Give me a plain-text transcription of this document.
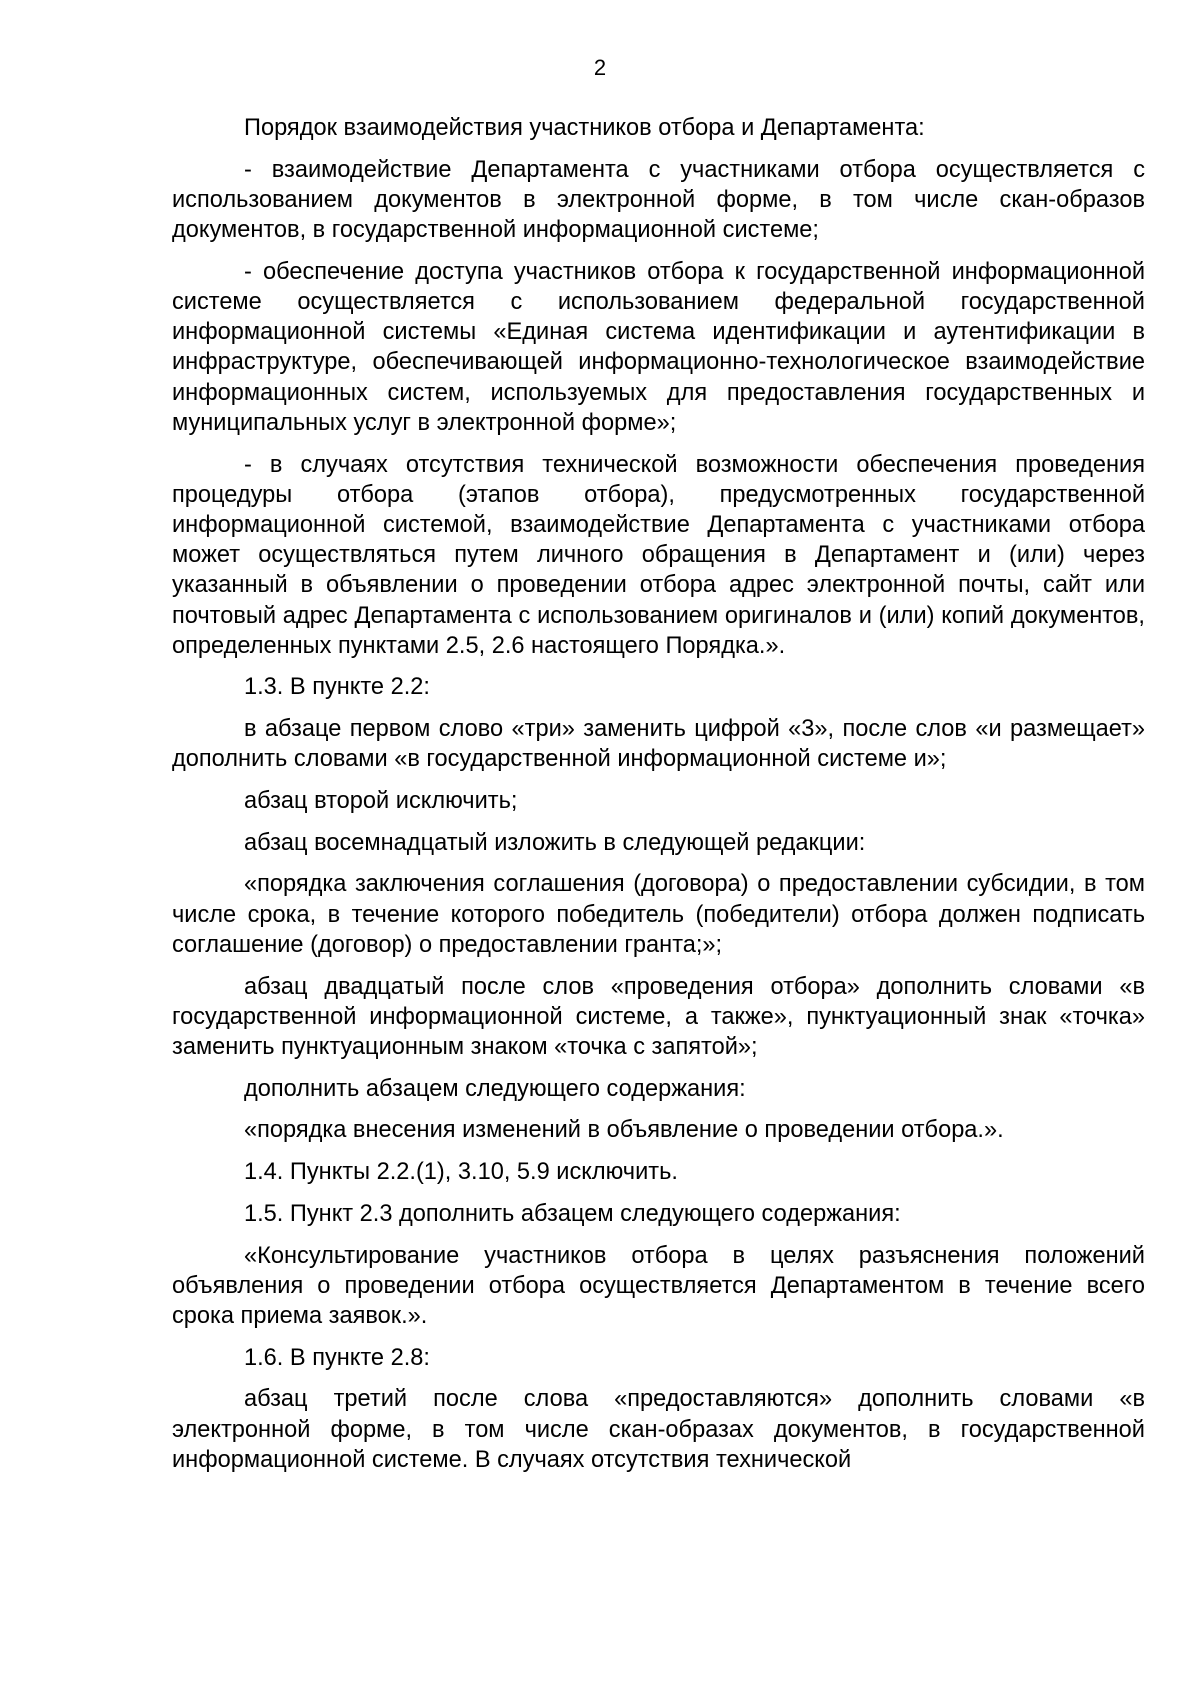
2

Порядок взаимодействия участников отбора и Департамента:

- взаимодействие Департамента с участниками отбора осуществляется с использованием документов в электронной форме, в том числе скан-образов документов, в государственной информационной системе;

- обеспечение доступа участников отбора к государственной информационной системе осуществляется с использованием федеральной государственной информационной системы «Единая система идентификации и аутентификации в инфраструктуре, обеспечивающей информационно-технологическое взаимодействие информационных систем, используемых для предоставления государственных и муниципальных услуг в электронной форме»;

- в случаях отсутствия технической возможности обеспечения проведения процедуры отбора (этапов отбора), предусмотренных государственной информационной системой, взаимодействие Департамента с участниками отбора может осуществляться путем личного обращения в Департамент и (или) через указанный в объявлении о проведении отбора адрес электронной почты, сайт или почтовый адрес Департамента с использованием оригиналов и (или) копий документов, определенных пунктами 2.5, 2.6 настоящего Порядка.».

1.3. В пункте 2.2:

в абзаце первом слово «три» заменить цифрой «3», после слов «и размещает» дополнить словами «в государственной информационной системе и»;

абзац второй исключить;

абзац восемнадцатый изложить в следующей редакции:

«порядка заключения соглашения (договора) о предоставлении субсидии, в том числе срока, в течение которого победитель (победители) отбора должен подписать соглашение (договор) о предоставлении гранта;»;

абзац двадцатый после слов «проведения отбора» дополнить словами «в государственной информационной системе, а также», пунктуационный знак «точка» заменить пунктуационным знаком «точка с запятой»;

дополнить абзацем следующего содержания:

«порядка внесения изменений в объявление о проведении отбора.».

1.4. Пункты 2.2.(1), 3.10, 5.9 исключить.

1.5. Пункт 2.3 дополнить абзацем следующего содержания:

«Консультирование участников отбора в целях разъяснения положений объявления о проведении отбора осуществляется Департаментом в течение всего срока приема заявок.».

1.6. В пункте 2.8:

абзац третий после слова «предоставляются» дополнить словами «в электронной форме, в том числе скан-образах документов, в государственной информационной системе. В случаях отсутствия технической
